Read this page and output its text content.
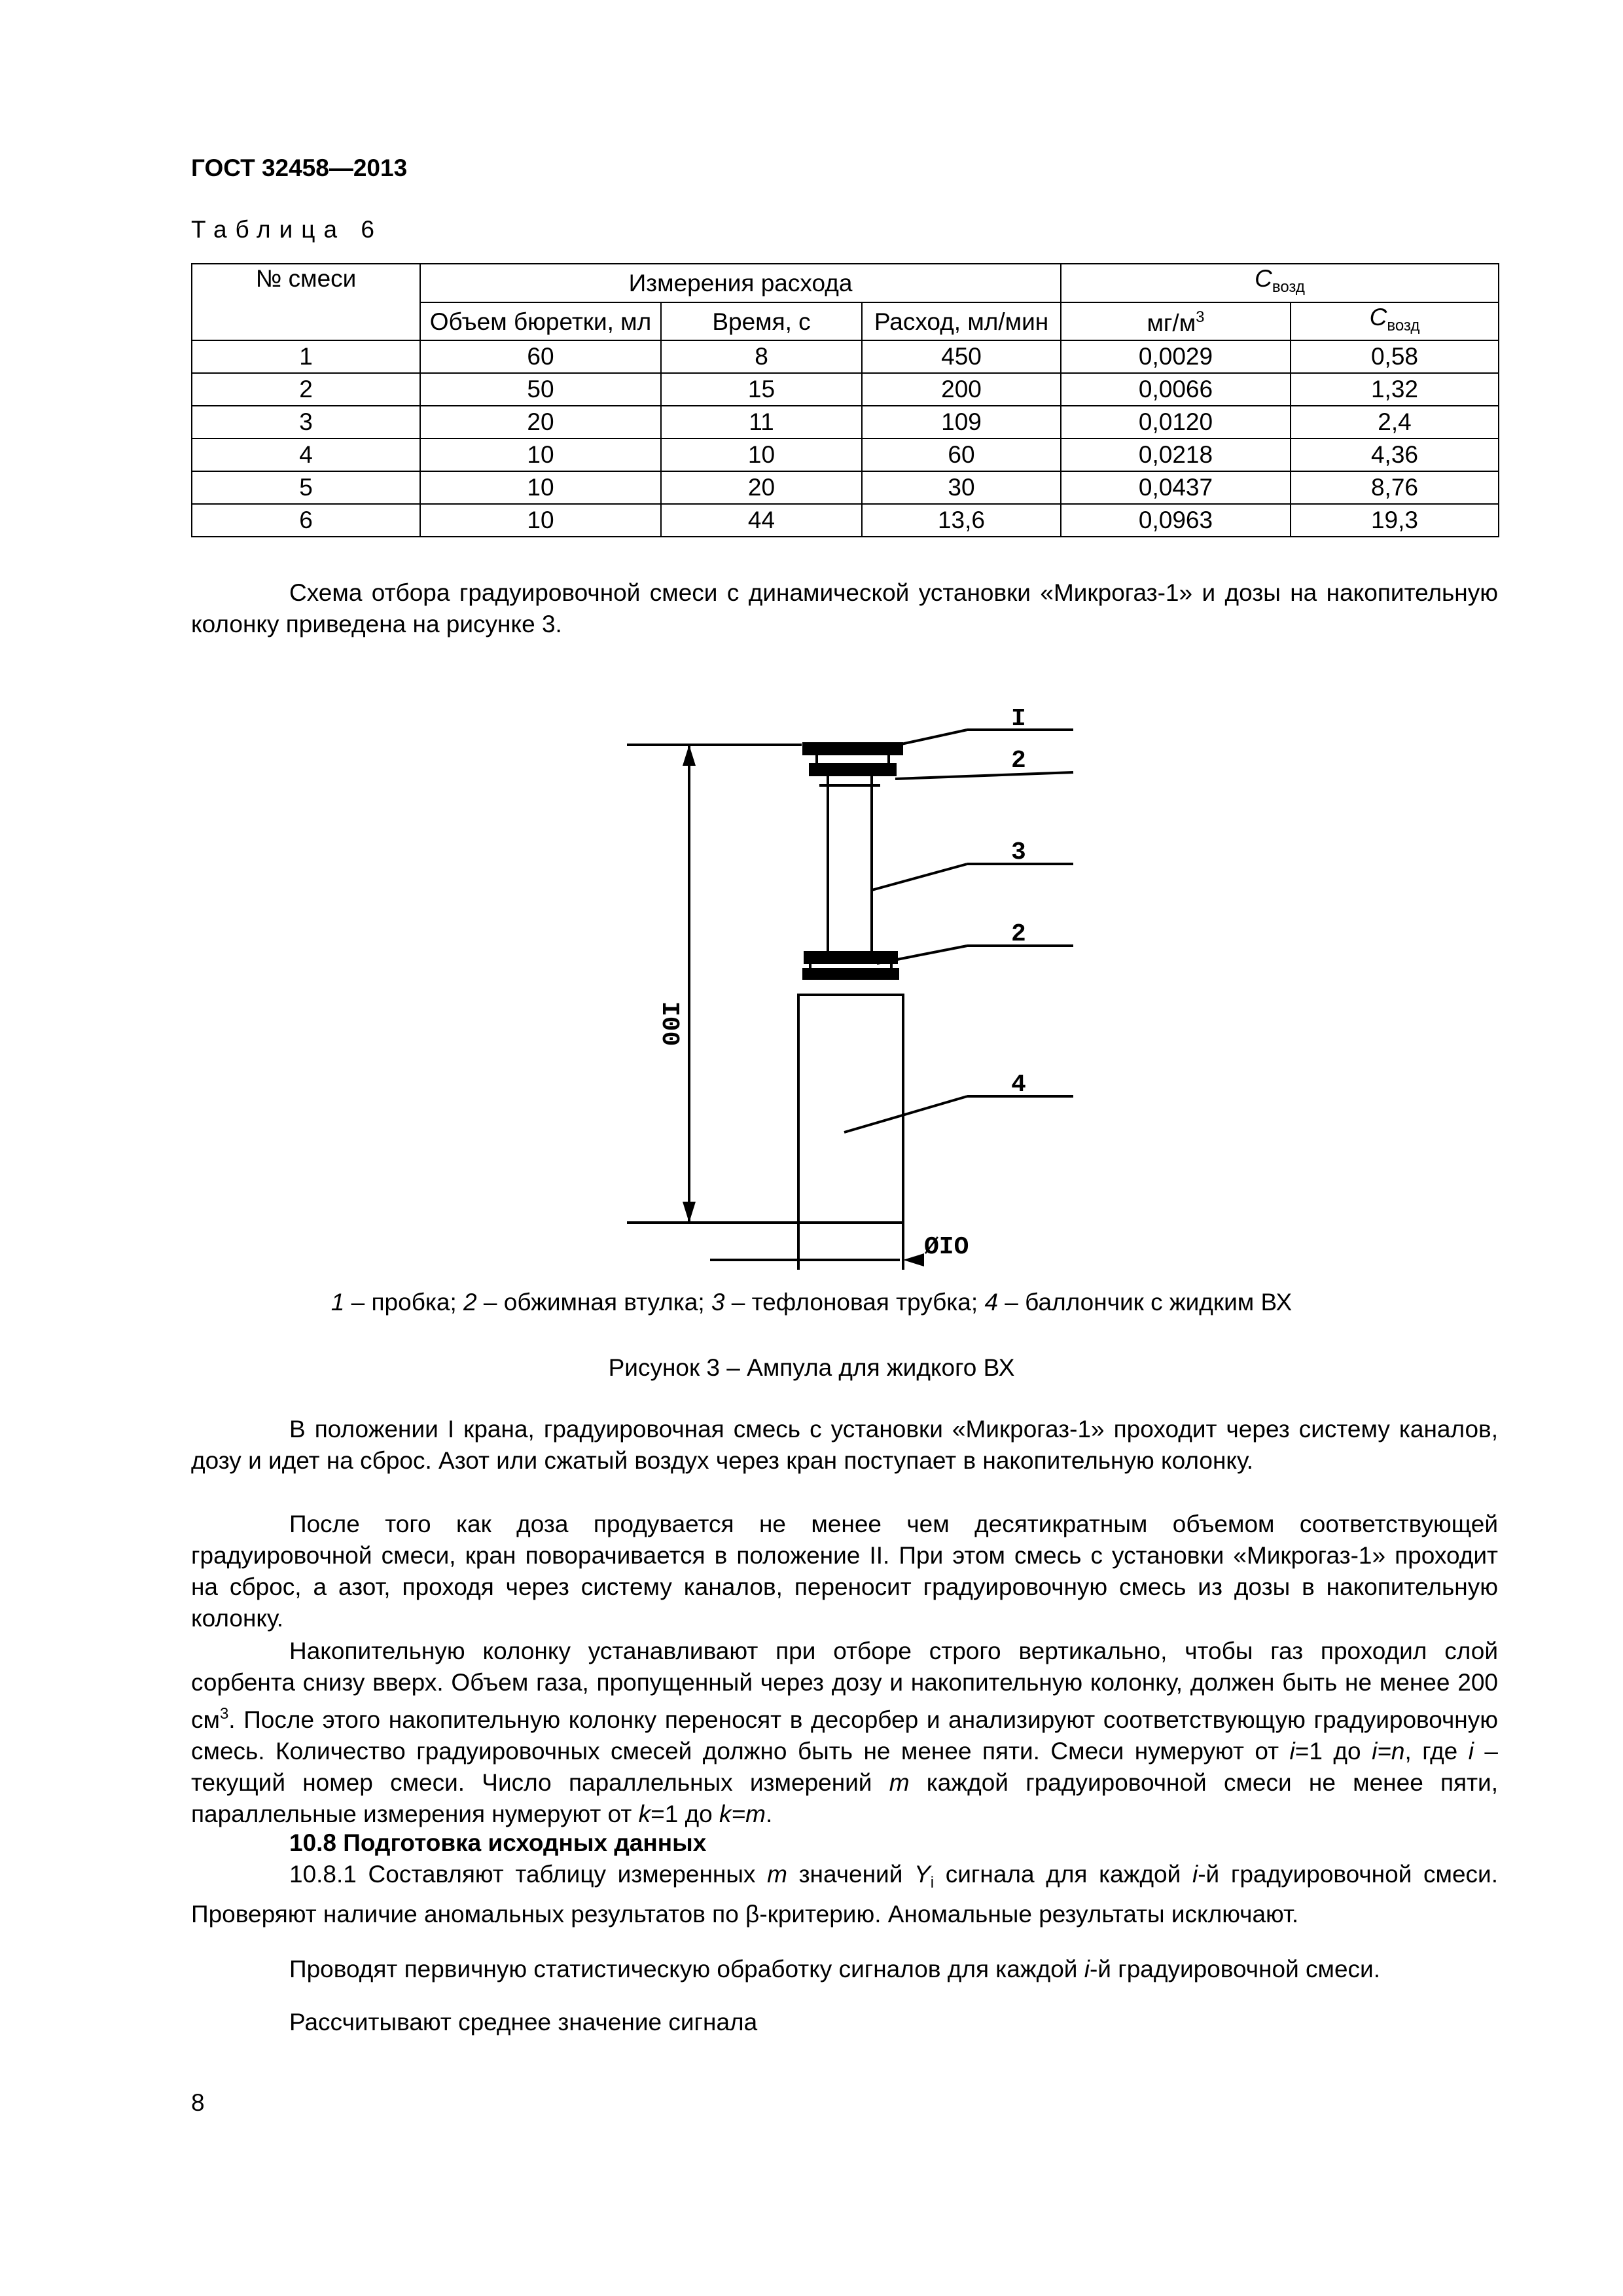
ГОСТ 32458—2013
Таблица 6
№ смеси	Измерения расхода			$C_{возд}$
	Объем бюретки, мл	Время, с	Расход, мл/мин	$мг/м^3$	$C_{возд}$
1	60	8	450	0,0029	0,58
2	50	15	200	0,0066	1,32
3	20	11	109	0,0120	2,4
4	10	10	60	0,0218	4,36
5	10	20	30	0,0437	8,76
6	10	44	13,6	0,0963	19,3

Схема отбора градуировочной смеси с динамической установки «Микрогаз-1» и дозы на накопительную колонку приведена на рисунке 3.

I
2
3
2
4
ØIO
I00
1 – пробка; 2 – обжимная втулка; 3 – тефлоновая трубка; 4 – баллончик с жидким ВХ
Рисунок 3 – Ампула для жидкого ВХ

В положении I крана, градуировочная смесь с установки «Микрогаз-1» проходит через систему каналов, дозу и идет на сброс. Азот или сжатый воздух через кран поступает в накопительную колонку.

После того как доза продувается не менее чем десятикратным объемом соответствующей градуировочной смеси, кран поворачивается в положение II. При этом смесь с установки «Микрогаз-1» проходит на сброс, а азот, проходя через систему каналов, переносит градуировочную смесь из дозы в накопительную колонку.

Накопительную колонку устанавливают при отборе строго вертикально, чтобы газ проходил слой сорбента снизу вверх. Объем газа, пропущенный через дозу и накопительную колонку, должен быть не менее 200 $см^3$. После этого накопительную колонку переносят в десорбер и анализируют соответствующую градуировочную смесь. Количество градуировочных смесей должно быть не менее пяти. Смеси нумеруют от i=1 до i=n, где i – текущий номер смеси. Число параллельных измерений m каждой градуировочной смеси не менее пяти, параллельные измерения нумеруют от k=1 до k=m.

10.8 Подготовка исходных данных

10.8.1 Составляют таблицу измеренных m значений $Y_i$ сигнала для каждой i-й градуировочной смеси. Проверяют наличие аномальных результатов по β-критерию. Аномальные результаты исключают.

Проводят первичную статистическую обработку сигналов для каждой i-й градуировочной смеси.

Рассчитывают среднее значение сигнала

8
